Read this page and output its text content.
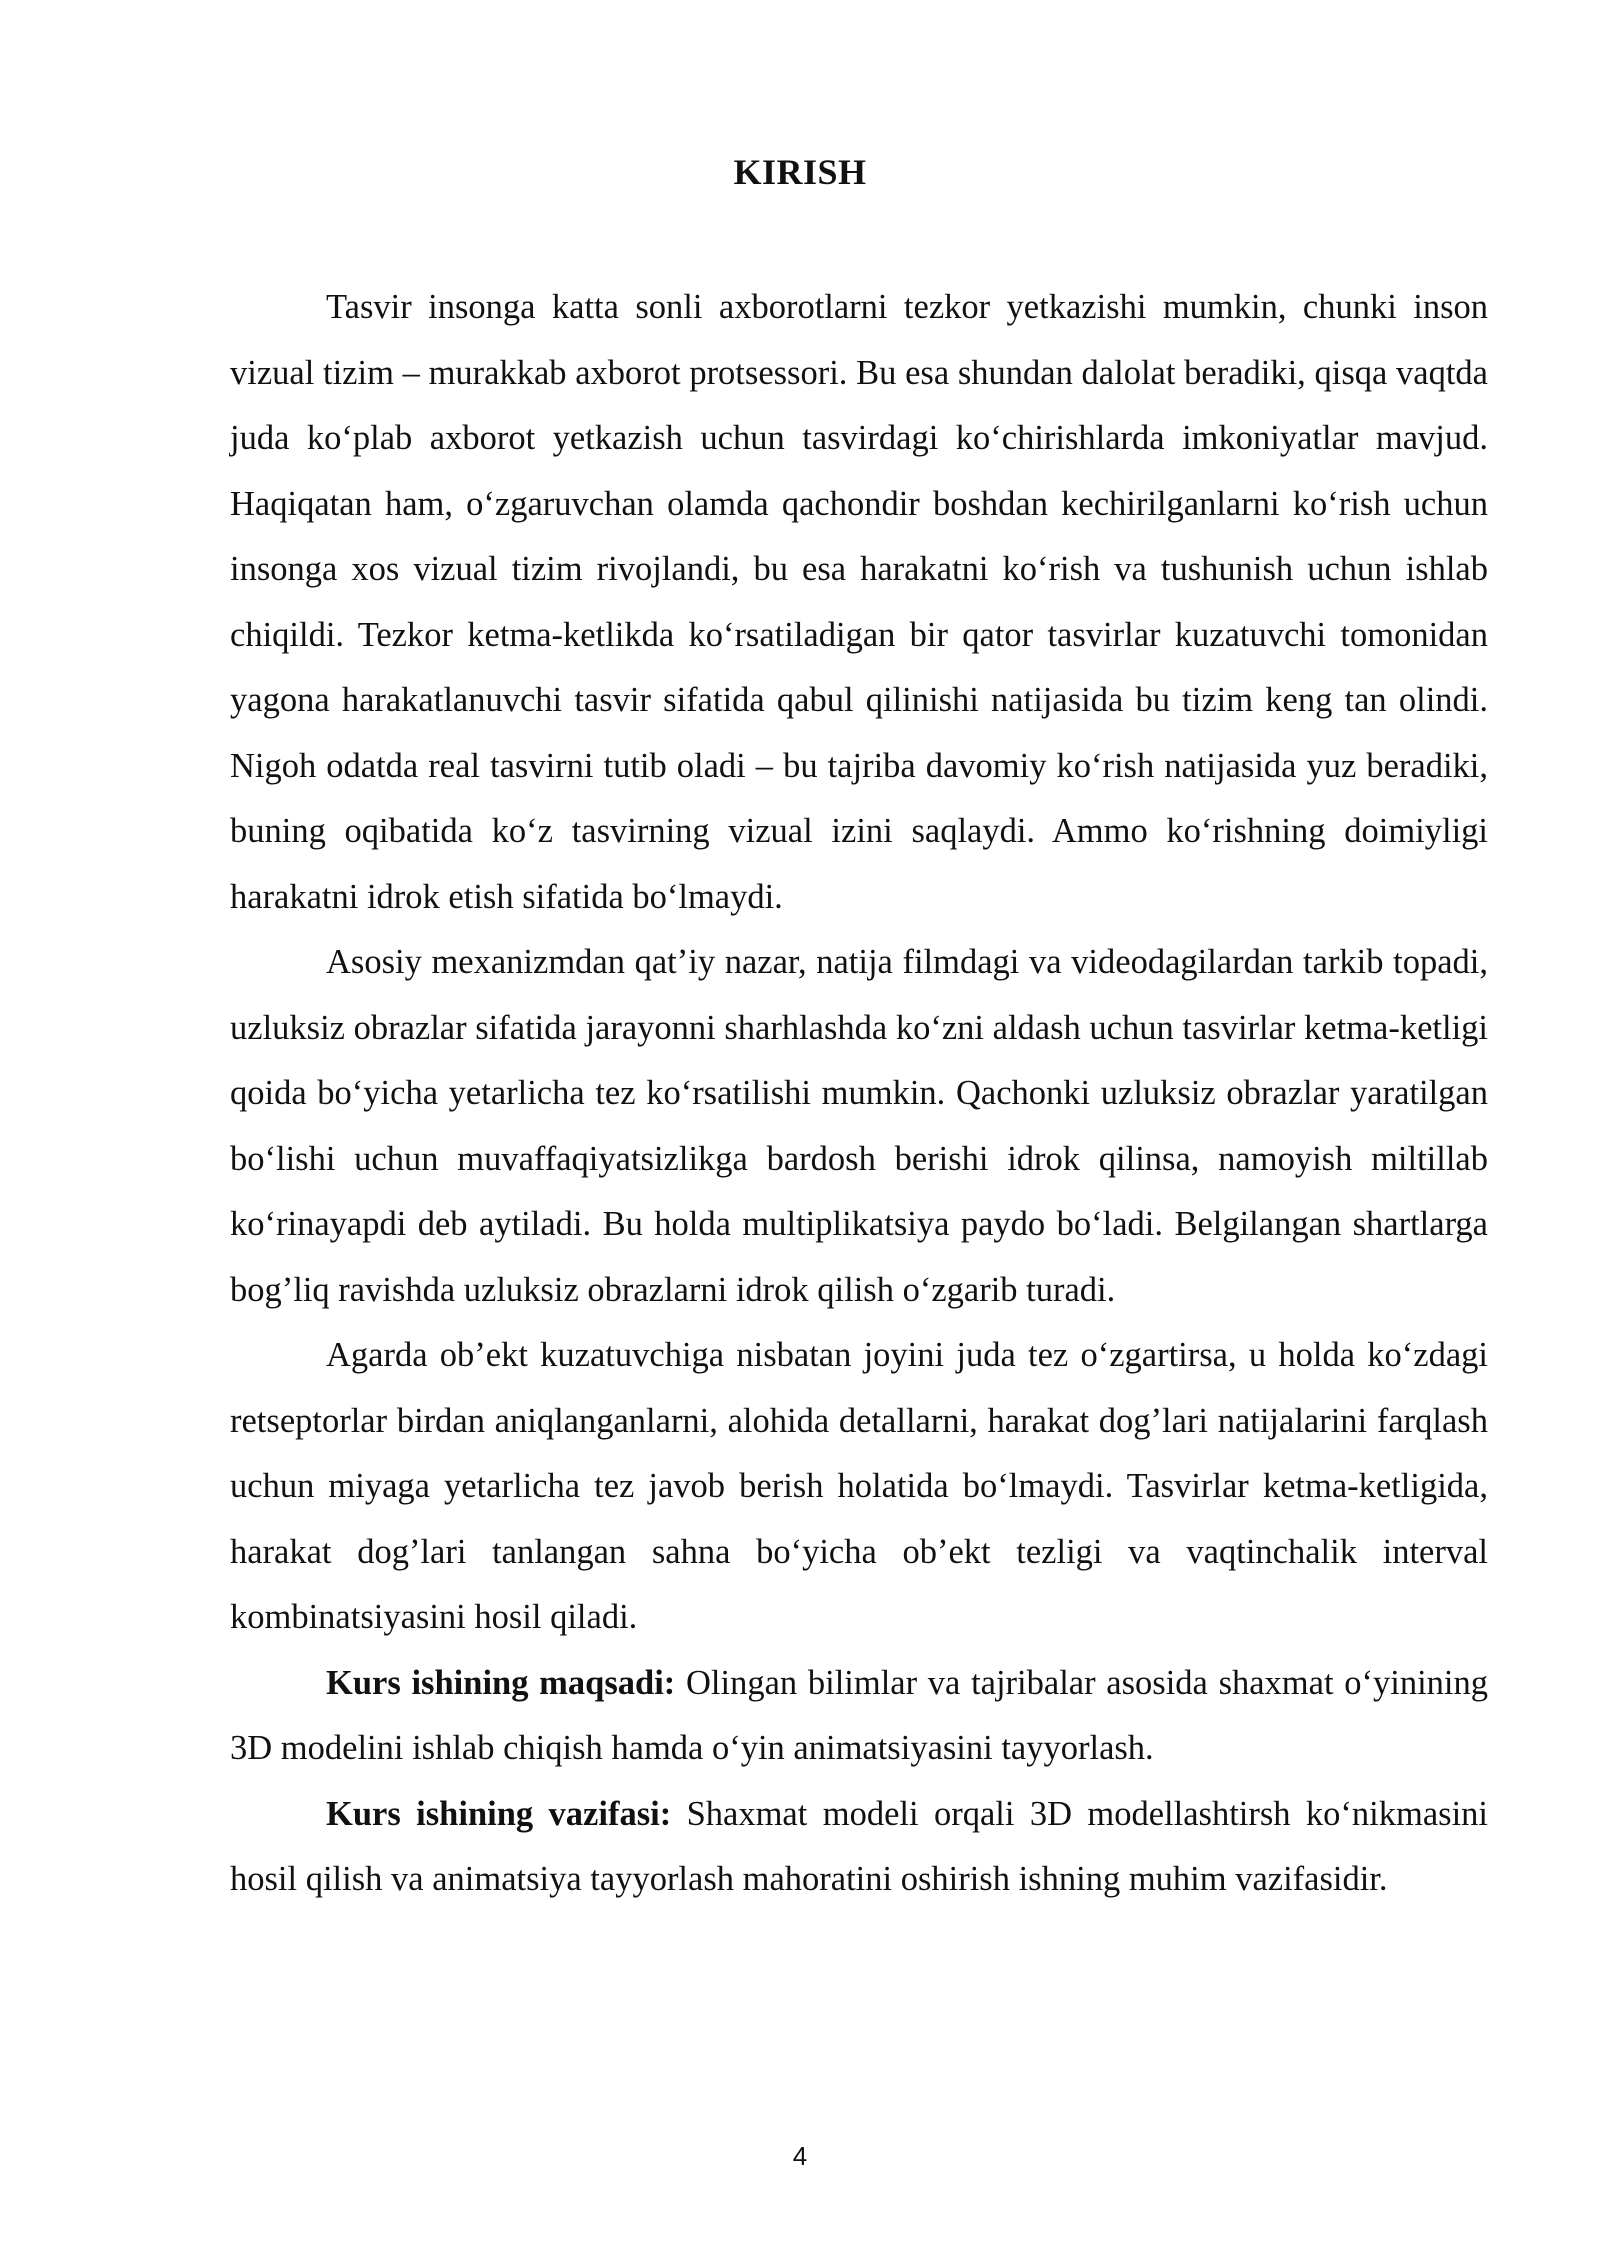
KIRISH

Tasvir insonga katta sonli axborotlarni tezkor yetkazishi mumkin, chunki inson vizual tizim – murakkab axborot protsessori. Bu esa shundan dalolat beradiki, qisqa vaqtda juda koʻplab axborot yetkazish uchun tasvirdagi koʻchirishlarda imkoniyatlar mavjud. Haqiqatan ham, oʻzgaruvchan olamda qachondir boshdan kechirilganlarni koʻrish uchun insonga xos vizual tizim rivojlandi, bu esa harakatni koʻrish va tushunish uchun ishlab chiqildi. Tezkor ketma-ketlikda koʻrsatiladigan bir qator tasvirlar kuzatuvchi tomonidan yagona harakatlanuvchi tasvir sifatida qabul qilinishi natijasida bu tizim keng tan olindi. Nigoh odatda real tasvirni tutib oladi – bu tajriba davomiy koʻrish natijasida yuz beradiki, buning oqibatida koʻz tasvirning vizual izini saqlaydi. Ammo koʻrishning doimiyligi harakatni idrok etish sifatida boʻlmaydi.

Asosiy mexanizmdan qatʼiy nazar, natija filmdagi va videodagilardan tarkib topadi, uzluksiz obrazlar sifatida jarayonni sharhlashda koʻzni aldash uchun tasvirlar ketma-ketligi qoida boʻyicha yetarlicha tez koʻrsatilishi mumkin. Qachonki uzluksiz obrazlar yaratilgan boʻlishi uchun muvaffaqiyatsizlikga bardosh berishi idrok qilinsa, namoyish miltillab koʻrinayapdi deb aytiladi. Bu holda multiplikatsiya paydo boʻladi. Belgilangan shartlarga bogʼliq ravishda uzluksiz obrazlarni idrok qilish oʻzgarib turadi.

Agarda obʼekt kuzatuvchiga nisbatan joyini juda tez oʻzgartirsa, u holda koʻzdagi retseptorlar birdan aniqlanganlarni, alohida detallarni, harakat dogʼlari natijalarini farqlash uchun miyaga yetarlicha tez javob berish holatida boʻlmaydi. Tasvirlar ketma-ketligida, harakat dogʼlari tanlangan sahna boʻyicha obʼekt tezligi va vaqtinchalik interval kombinatsiyasini hosil qiladi.

Kurs ishining maqsadi: Olingan bilimlar va tajribalar asosida shaxmat oʻyinining 3D modelini ishlab chiqish hamda oʻyin animatsiyasini tayyorlash.

Kurs ishining vazifasi: Shaxmat modeli orqali 3D modellashtirsh koʻnikmasini hosil qilish va animatsiya tayyorlash mahoratini oshirish ishning muhim vazifasidir.

4
